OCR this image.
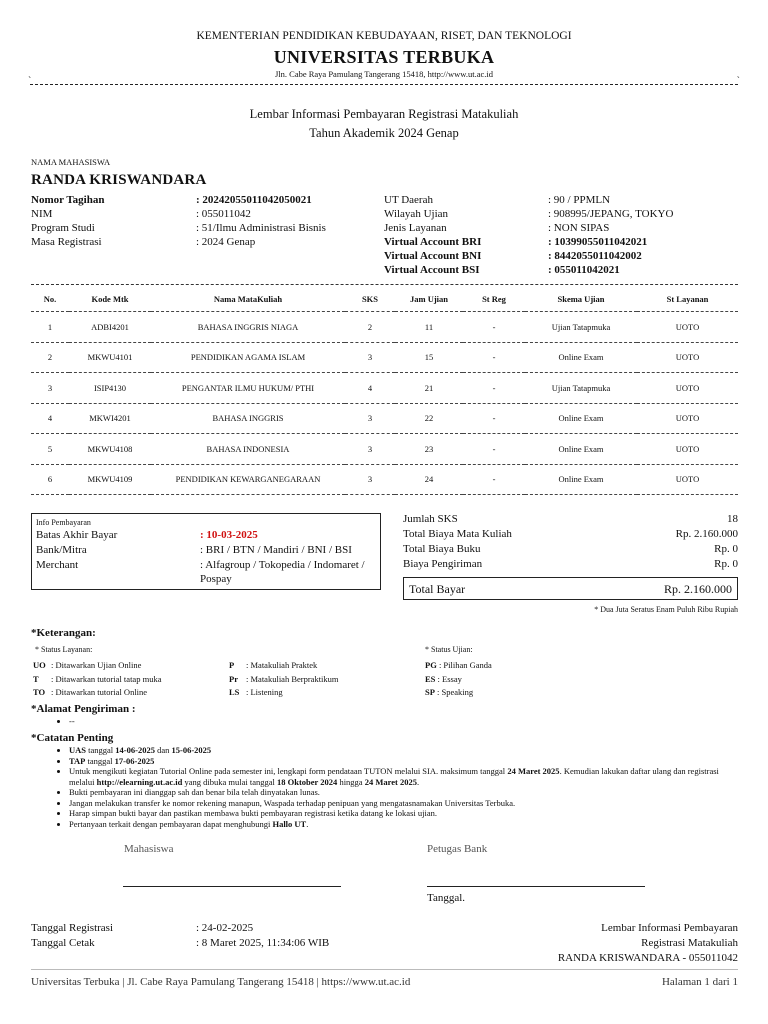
KEMENTERIAN PENDIDIKAN KEBUDAYAAN, RISET, DAN TEKNOLOGI
UNIVERSITAS TERBUKA
Jln. Cabe Raya Pamulang Tangerang 15418, http://www.ut.ac.id
` `
Lembar Informasi Pembayaran Registrasi Matakuliah
Tahun Akademik 2024 Genap
NAMA MAHASISWA
RANDA KRISWANDARA
Nomor Tagihan	: 20242055011042050021
NIM	: 055011042
Program Studi	: 51/Ilmu Administrasi Bisnis
Masa Registrasi	: 2024 Genap
UT Daerah	: 90 / PPMLN
Wilayah Ujian	: 908995/JEPANG, TOKYO
Jenis Layanan	: NON SIPAS
Virtual Account BRI	: 10399055011042021
Virtual Account BNI	: 8442055011042002
Virtual Account BSI	: 055011042021
No.	Kode Mtk	Nama MataKuliah	SKS	Jam Ujian	St Reg	Skema Ujian	St Layanan
1	ADBI4201	BAHASA INGGRIS NIAGA	2	11	-	Ujian Tatapmuka	UOTO
2	MKWU4101	PENDIDIKAN AGAMA ISLAM	3	15	-	Online Exam	UOTO
3	ISIP4130	PENGANTAR ILMU HUKUM/ PTHI	4	21	-	Ujian Tatapmuka	UOTO
4	MKWI4201	BAHASA INGGRIS	3	22	-	Online Exam	UOTO
5	MKWU4108	BAHASA INDONESIA	3	23	-	Online Exam	UOTO
6	MKWU4109	PENDIDIKAN KEWARGANEGARAAN	3	24	-	Online Exam	UOTO
Info Pembayaran
Batas Akhir Bayar	: 10-03-2025
Bank/Mitra	: BRI / BTN / Mandiri / BNI / BSI
Merchant	: Alfagroup / Tokopedia / Indomaret /
Pospay
Jumlah SKS	18
Total Biaya Mata Kuliah	Rp. 2.160.000
Total Biaya Buku	Rp. 0
Biaya Pengiriman	Rp. 0
Total Bayar	Rp. 2.160.000
* Dua Juta Seratus Enam Puluh Ribu Rupiah
*Keterangan:
* Status Layanan:
UO : Ditawarkan Ujian Online
T : Ditawarkan tutorial tatap muka
TO : Ditawarkan tutorial Online
P : Matakuliah Praktek
Pr : Matakuliah Berpraktikum
LS : Listening
* Status Ujian:
PG : Pilihan Ganda
ES : Essay
SP : Speaking
*Alamat Pengiriman :
• --
*Catatan Penting
• UAS tanggal 14-06-2025 dan 15-06-2025
• TAP tanggal 17-06-2025
• Untuk mengikuti kegiatan Tutorial Online pada semester ini, lengkapi form pendataan TUTON melalui SIA. maksimum tanggal 24 Maret 2025. Kemudian lakukan daftar ulang dan registrasi melalui http://elearning.ut.ac.id yang dibuka mulai tanggal 18 Oktober 2024 hingga 24 Maret 2025.
• Bukti pembayaran ini dianggap sah dan benar bila telah dinyatakan lunas.
• Jangan melakukan transfer ke nomor rekening manapun, Waspada terhadap penipuan yang mengatasnamakan Universitas Terbuka.
• Harap simpan bukti bayar dan pastikan membawa bukti pembayaran registrasi ketika datang ke lokasi ujian.
• Pertanyaan terkait dengan pembayaran dapat menghubungi Hallo UT.
Mahasiswa	Petugas Bank
Tanggal.
Tanggal Registrasi	: 24-02-2025
Tanggal Cetak	: 8 Maret 2025, 11:34:06 WIB
Lembar Informasi Pembayaran
Registrasi Matakuliah
RANDA KRISWANDARA - 055011042
Universitas Terbuka | Jl. Cabe Raya Pamulang Tangerang 15418 | https://www.ut.ac.id	Halaman 1 dari 1
